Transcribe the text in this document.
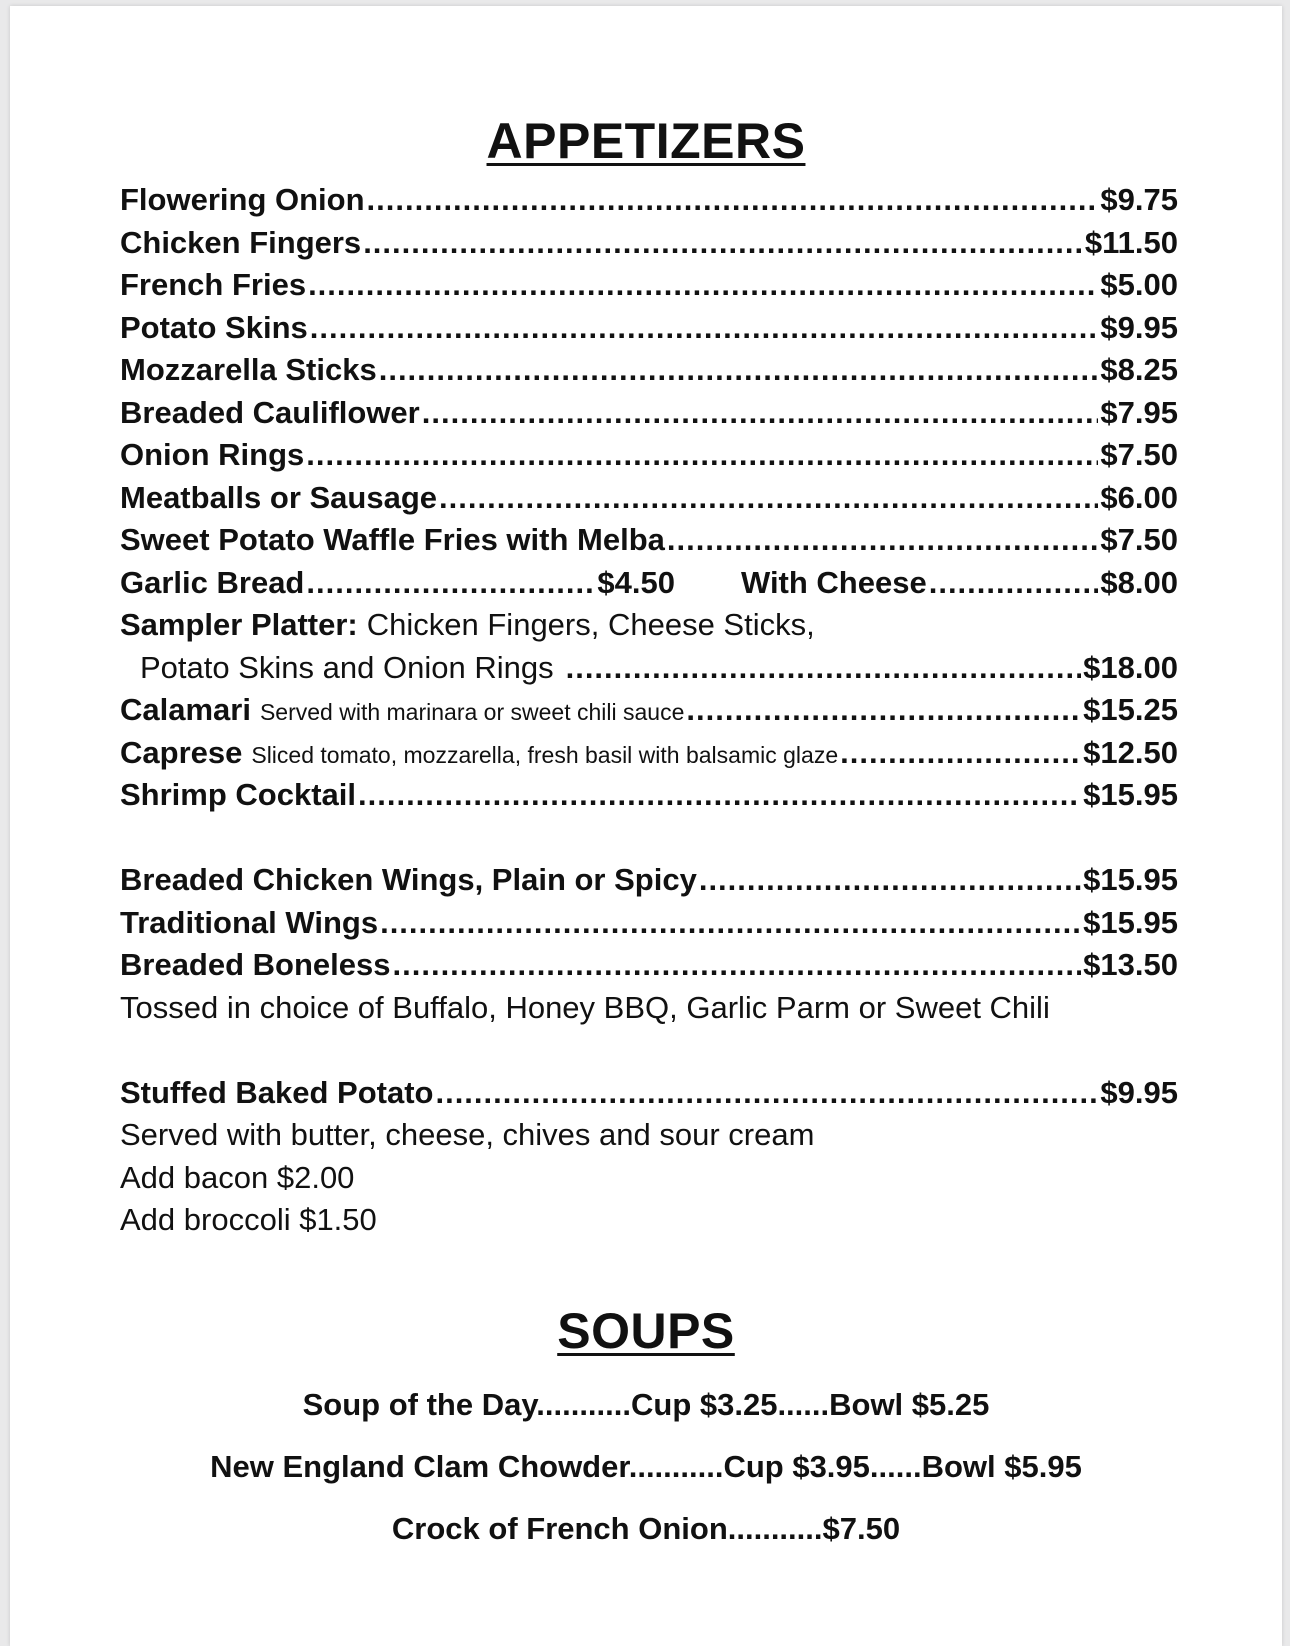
APPETIZERS
Flowering Onion .....	$9.75
Chicken Fingers .....	$11.50
French Fries .....	$5.00
Potato Skins .....	$9.95
Mozzarella Sticks .....	$8.25
Breaded Cauliflower .....	$7.95
Onion Rings .....	$7.50
Meatballs or Sausage .....	$6.00
Sweet Potato Waffle Fries with Melba .....	$7.50
Garlic Bread .....	$4.50 With Cheese .....	$8.00
Sampler Platter: Chicken Fingers, Cheese Sticks,
Potato Skins and Onion Rings .....	$18.00
Calamari Served with marinara or sweet chili sauce .....	$15.25
Caprese Sliced tomato, mozzarella, fresh basil with balsamic glaze .....	$12.50
Shrimp Cocktail .....	$15.95
Breaded Chicken Wings, Plain or Spicy .....	$15.95
Traditional Wings .....	$15.95
Breaded Boneless .....	$13.50
Tossed in choice of Buffalo, Honey BBQ, Garlic Parm or Sweet Chili
Stuffed Baked Potato .....	$9.95
Served with butter, cheese, chives and sour cream
Add bacon $2.00
Add broccoli $1.50
SOUPS
Soup of the Day...........Cup $3.25......Bowl $5.25
New England Clam Chowder...........Cup $3.95......Bowl $5.95
Crock of French Onion...........$7.50
